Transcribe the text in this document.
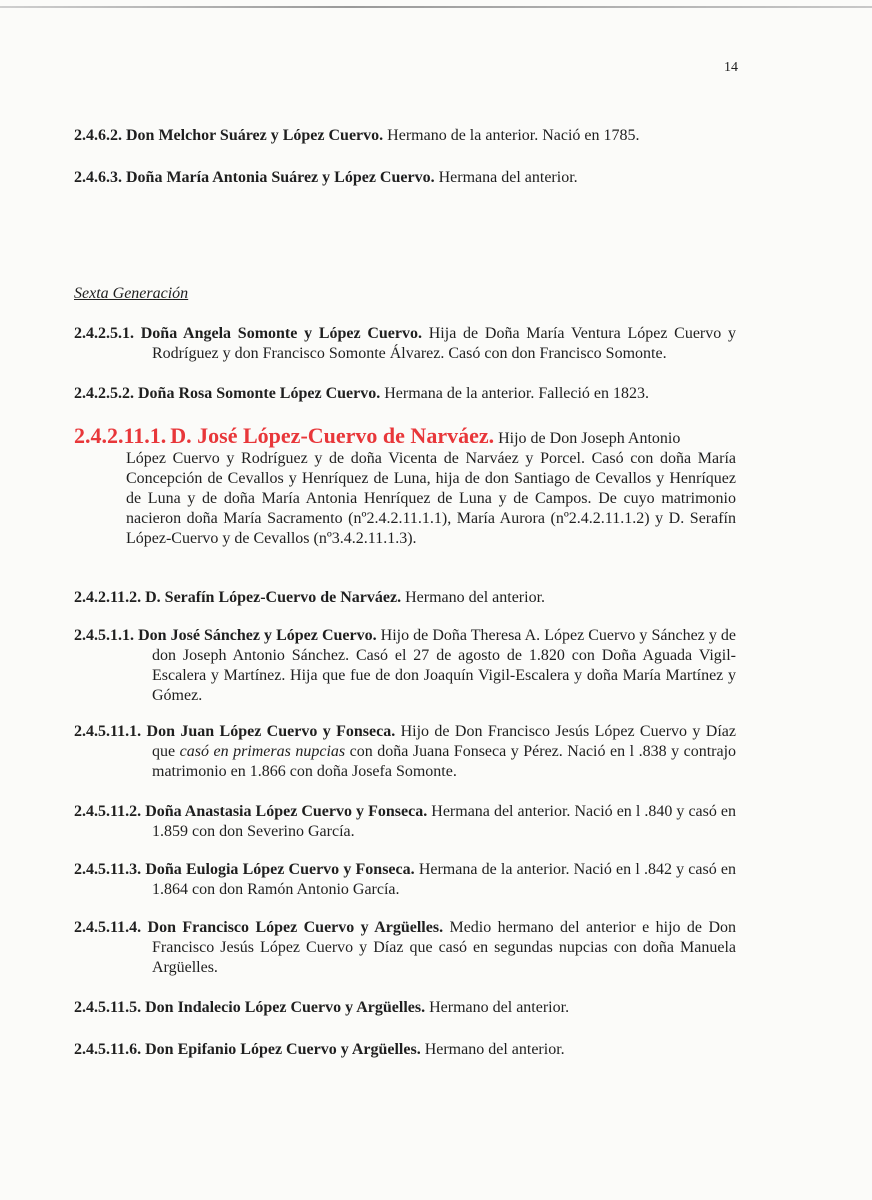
14
2.4.6.2. Don Melchor Suárez y López Cuervo. Hermano de la anterior. Nació en 1785.
2.4.6.3. Doña María Antonia Suárez y López Cuervo. Hermana del anterior.
Sexta Generación
2.4.2.5.1. Doña Angela Somonte y López Cuervo. Hija de Doña María Ventura López Cuervo y Rodríguez y don Francisco Somonte Álvarez. Casó con don Francisco Somonte.
2.4.2.5.2. Doña Rosa Somonte López Cuervo. Hermana de la anterior. Falleció en 1823.
2.4.2.11.1. D. José López-Cuervo de Narváez. Hijo de Don Joseph Antonio
López Cuervo y Rodríguez y de doña Vicenta de Narváez y Porcel. Casó con doña María Concepción de Cevallos y Henríquez de Luna, hija de don Santiago de Cevallos y Henríquez de Luna y de doña María Antonia Henríquez de Luna y de Campos. De cuyo matrimonio nacieron doña María Sacramento (nº2.4.2.11.1.1), María Aurora (nº2.4.2.11.1.2) y D. Serafín López-Cuervo y de Cevallos (nº3.4.2.11.1.3).
2.4.2.11.2. D. Serafín López-Cuervo de Narváez. Hermano del anterior.
2.4.5.1.1. Don José Sánchez y López Cuervo. Hijo de Doña Theresa A. López Cuervo y Sánchez y de don Joseph Antonio Sánchez. Casó el 27 de agosto de 1.820 con Doña Aguada Vigil-Escalera y Martínez. Hija que fue de don Joaquín Vigil-Escalera y doña María Martínez y Gómez.
2.4.5.11.1. Don Juan López Cuervo y Fonseca. Hijo de Don Francisco Jesús López Cuervo y Díaz que casó en primeras nupcias con doña Juana Fonseca y Pérez. Nació en l .838 y contrajo matrimonio en 1.866 con doña Josefa Somonte.
2.4.5.11.2. Doña Anastasia López Cuervo y Fonseca. Hermana del anterior. Nació en l .840 y casó en 1.859 con don Severino García.
2.4.5.11.3. Doña Eulogia López Cuervo y Fonseca. Hermana de la anterior. Nació en l .842 y casó en 1.864 con don Ramón Antonio García.
2.4.5.11.4. Don Francisco López Cuervo y Argüelles. Medio hermano del anterior e hijo de Don Francisco Jesús López Cuervo y Díaz que casó en segundas nupcias con doña Manuela Argüelles.
2.4.5.11.5. Don Indalecio López Cuervo y Argüelles. Hermano del anterior.
2.4.5.11.6. Don Epifanio López Cuervo y Argüelles. Hermano del anterior.
